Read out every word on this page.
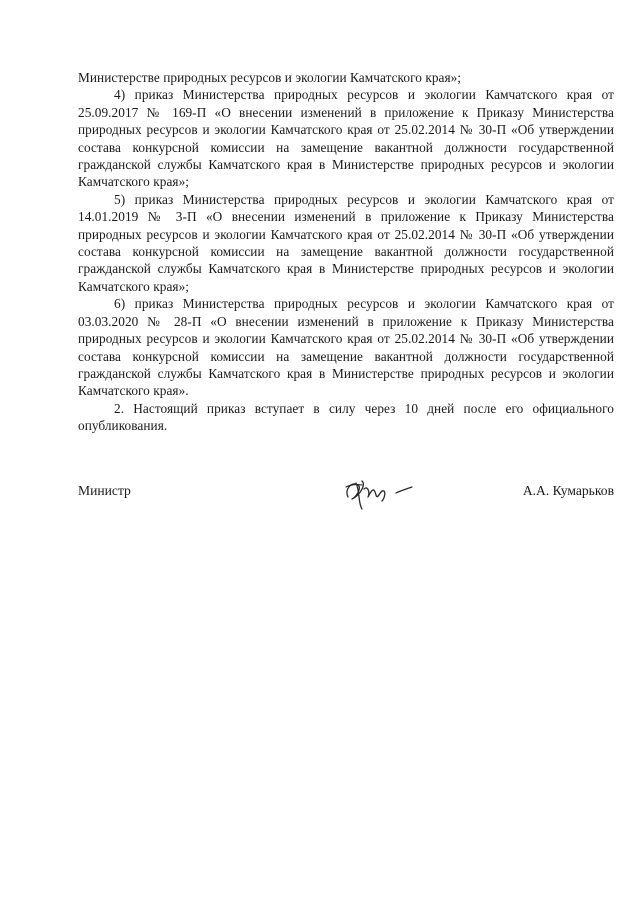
Министерстве природных ресурсов и экологии Камчатского края»;

4) приказ Министерства природных ресурсов и экологии Камчатского края от 25.09.2017 № 169-П «О внесении изменений в приложение к Приказу Министерства природных ресурсов и экологии Камчатского края от 25.02.2014 № 30-П «Об утверждении состава конкурсной комиссии на замещение вакантной должности государственной гражданской службы Камчатского края в Министерстве природных ресурсов и экологии Камчатского края»;

5) приказ Министерства природных ресурсов и экологии Камчатского края от 14.01.2019 № 3-П «О внесении изменений в приложение к Приказу Министерства природных ресурсов и экологии Камчатского края от 25.02.2014 № 30-П «Об утверждении состава конкурсной комиссии на замещение вакантной должности государственной гражданской службы Камчатского края в Министерстве природных ресурсов и экологии Камчатского края»;

6) приказ Министерства природных ресурсов и экологии Камчатского края от 03.03.2020 № 28-П «О внесении изменений в приложение к Приказу Министерства природных ресурсов и экологии Камчатского края от 25.02.2014 № 30-П «Об утверждении состава конкурсной комиссии на замещение вакантной должности государственной гражданской службы Камчатского края в Министерстве природных ресурсов и экологии Камчатского края».

2. Настоящий приказ вступает в силу через 10 дней после его официального опубликования.

Министр	А.А. Кумарьков
